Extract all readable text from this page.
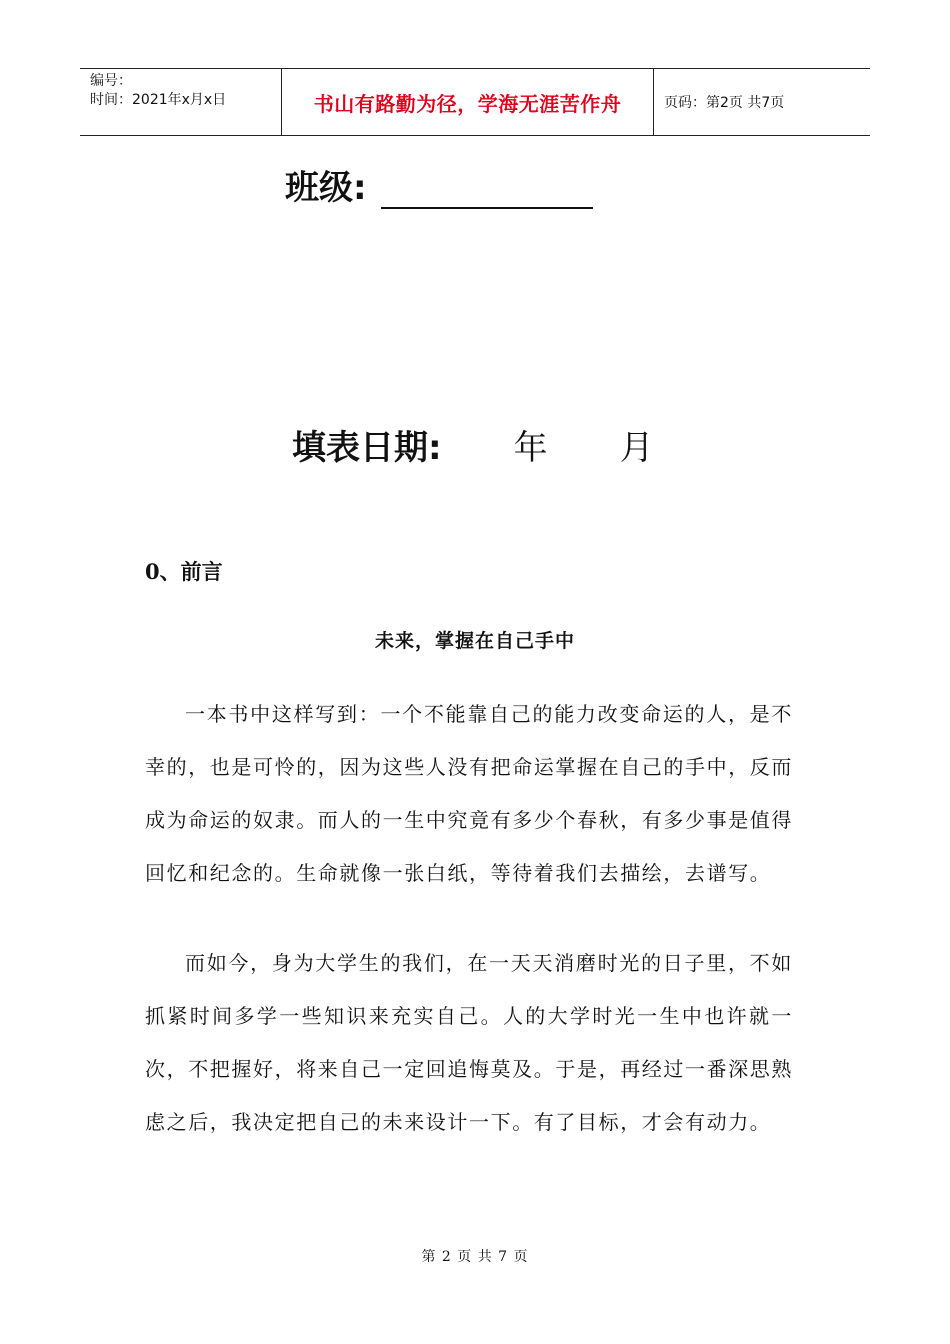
编号：
时间：2021年x月x日	书山有路勤为径，学海无涯苦作舟	页码：第2页 共7页
班级:
填表日期: 年 月
0、前言
未来，掌握在自己手中

一本书中这样写到：一个不能靠自己的能力改变命运的人，是不幸的，也是可怜的，因为这些人没有把命运掌握在自己的手中，反而成为命运的奴隶。而人的一生中究竟有多少个春秋，有多少事是值得回忆和纪念的。生命就像一张白纸，等待着我们去描绘，去谱写。

而如今，身为大学生的我们，在一天天消磨时光的日子里，不如抓紧时间多学一些知识来充实自己。人的大学时光一生中也许就一次，不把握好，将来自己一定回追悔莫及。于是，再经过一番深思熟虑之后，我决定把自己的未来设计一下。有了目标，才会有动力。

第 2 页 共 7 页
